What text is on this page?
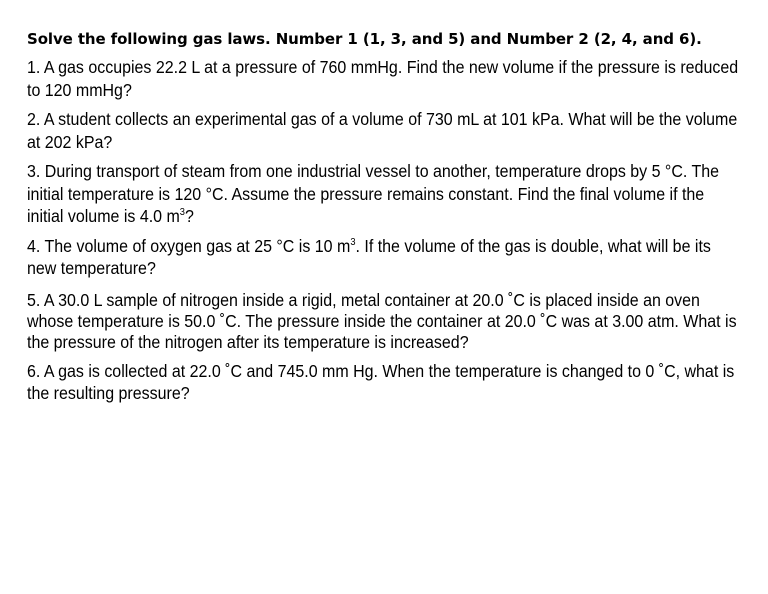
Solve the following gas laws. Number 1 (1, 3, and 5) and Number 2 (2, 4, and 6).
1. A gas occupies 22.2 L at a pressure of 760 mmHg. Find the new volume if the pressure is reduced to 120 mmHg?
2. A student collects an experimental gas of a volume of 730 mL at 101 kPa. What will be the volume at 202 kPa?
3. During transport of steam from one industrial vessel to another, temperature drops by 5 °C. The initial temperature is 120 °C. Assume the pressure remains constant. Find the final volume if the initial volume is 4.0 $m^3$?
4. The volume of oxygen gas at 25 °C is 10 $m^3$. If the volume of the gas is double, what will be its new temperature?
5. A 30.0 L sample of nitrogen inside a rigid, metal container at 20.0 ˚C is placed inside an oven whose temperature is 50.0 ˚C. The pressure inside the container at 20.0 ˚C was at 3.00 atm. What is the pressure of the nitrogen after its temperature is increased?
6. A gas is collected at 22.0 ˚C and 745.0 mm Hg. When the temperature is changed to 0 ˚C, what is the resulting pressure?
